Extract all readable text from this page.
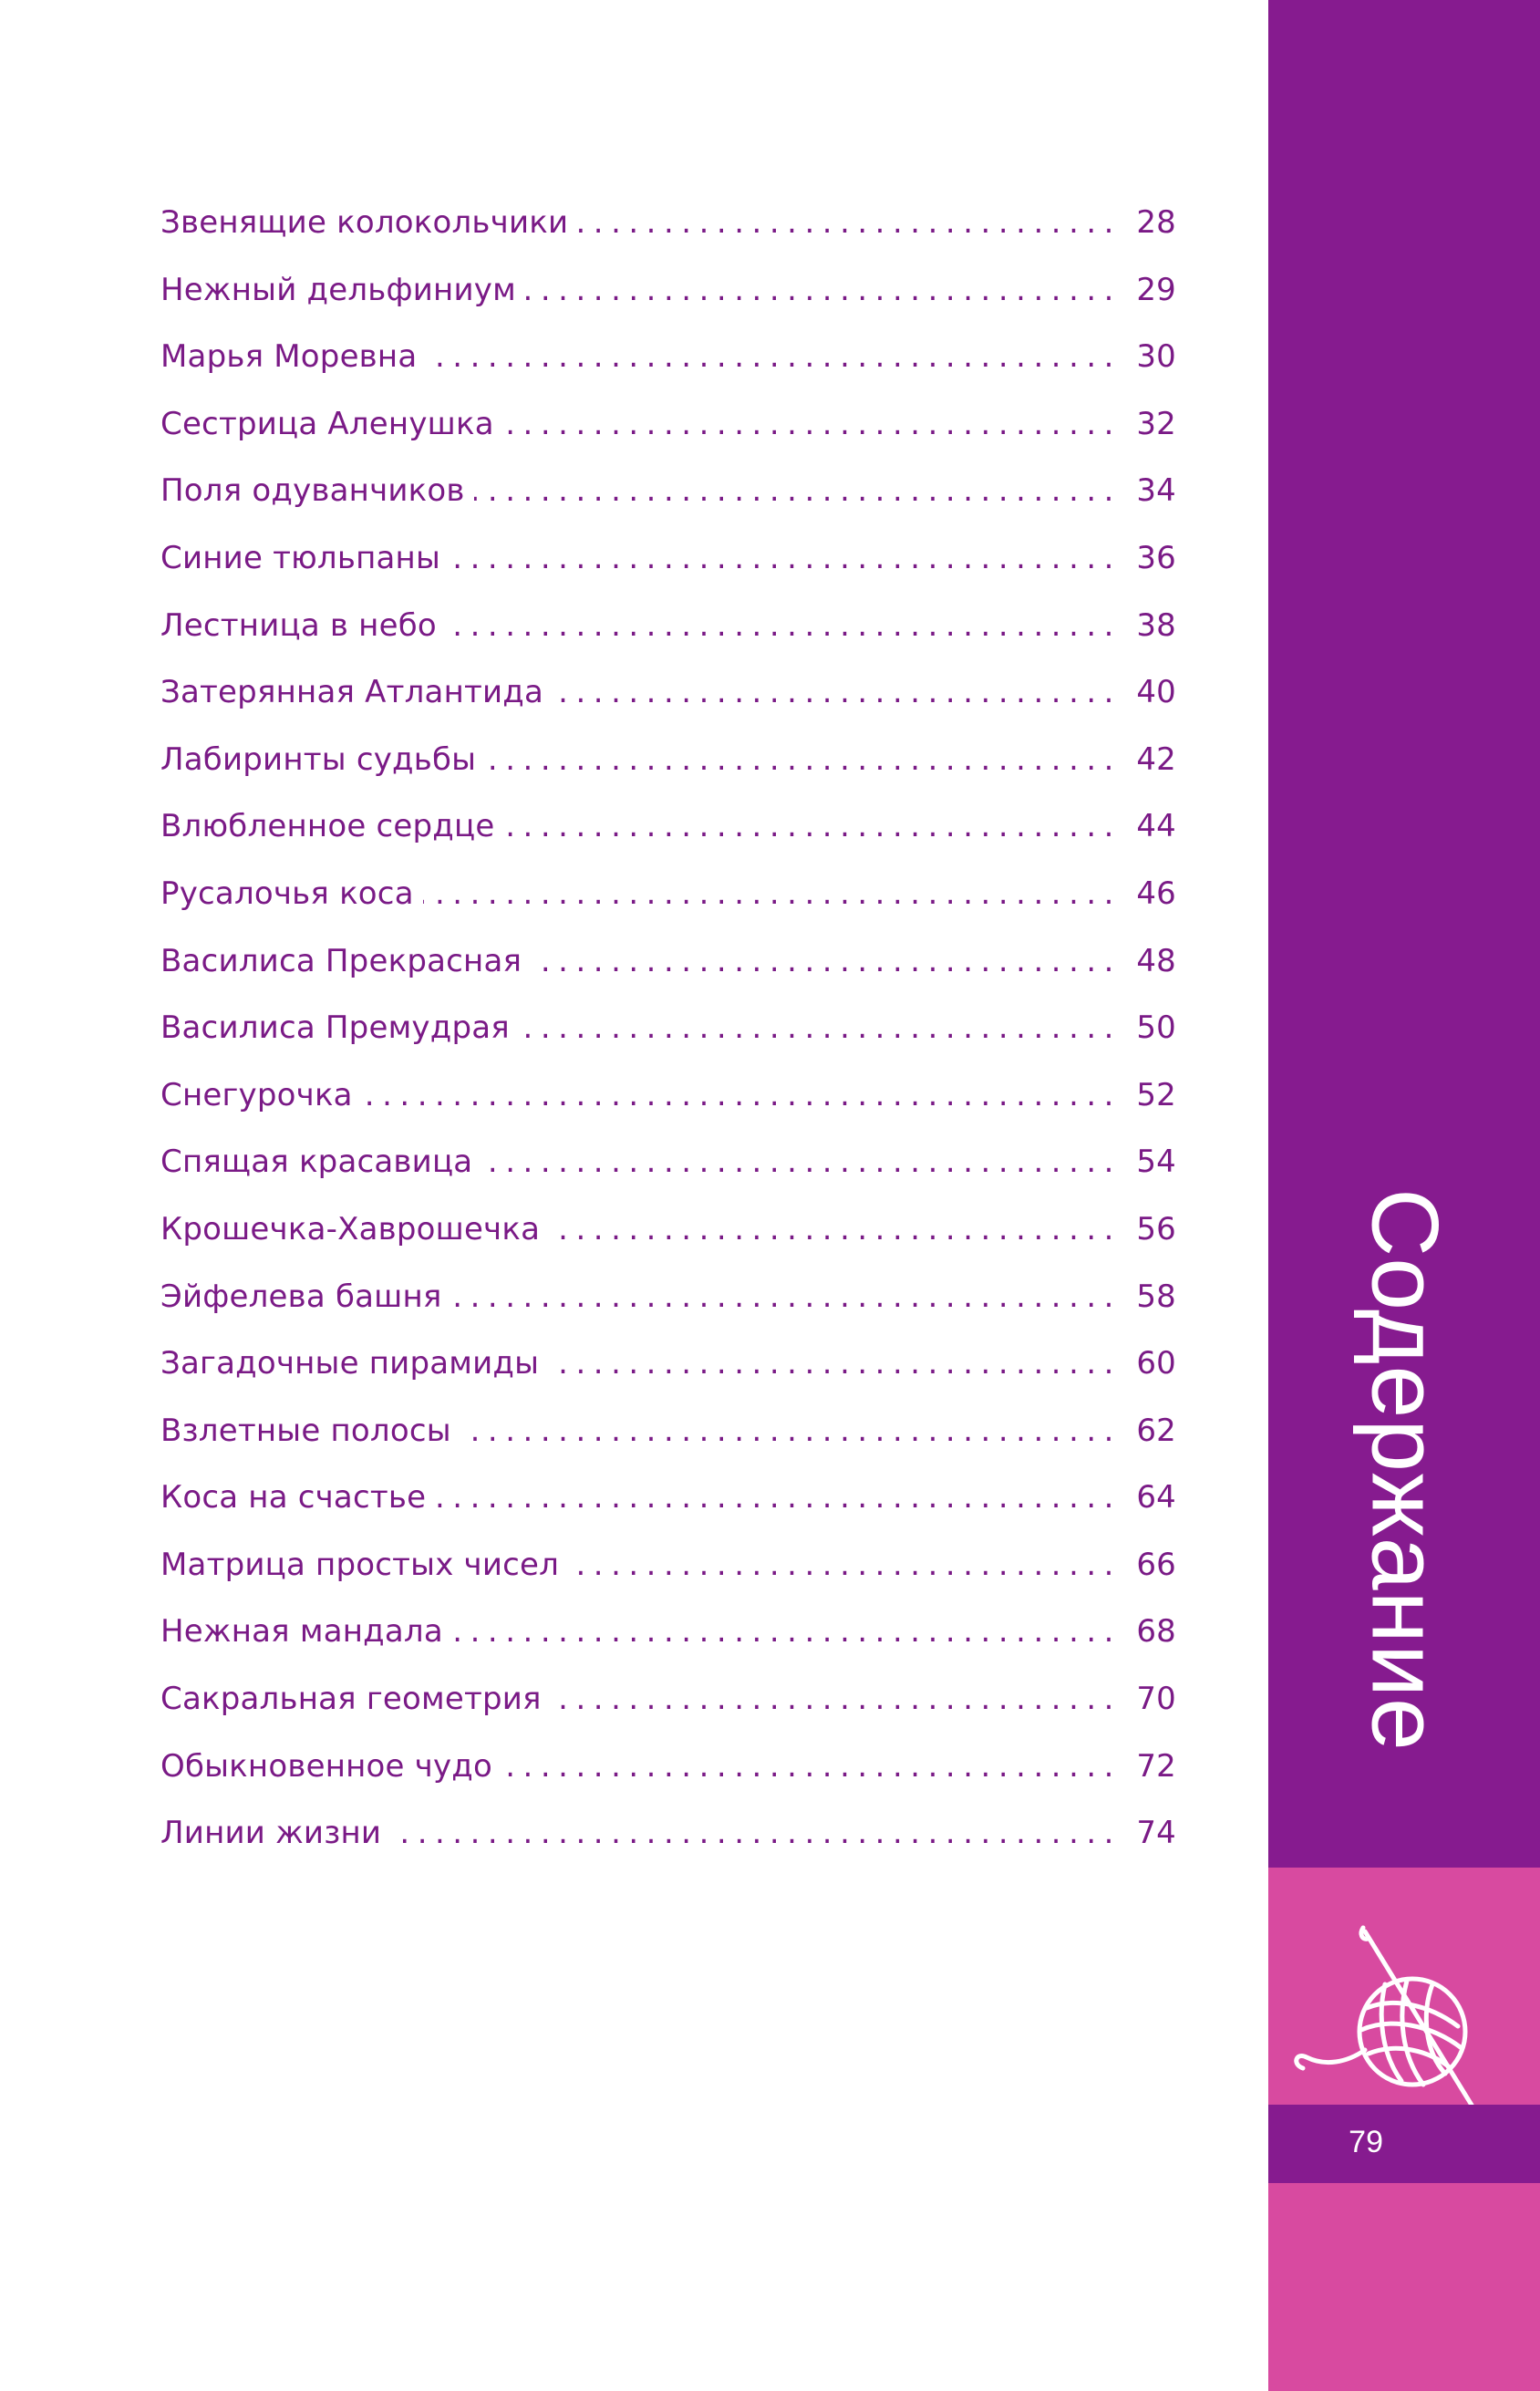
Звенящие колокольчики .....	28
Нежный дельфиниум .....	29
Марья Моревна .....	30
Сестрица Аленушка .....	32
Поля одуванчиков .....	34
Синие тюльпаны .....	36
Лестница в небо .....	38
Затерянная Атлантида .....	40
Лабиринты судьбы .....	42
Влюбленное сердце .....	44
Русалочья коса .....	46
Василиса Прекрасная .....	48
Василиса Премудрая .....	50
Снегурочка .....	52
Спящая красавица .....	54
Крошечка-Хаврошечка .....	56
Эйфелева башня .....	58
Загадочные пирамиды .....	60
Взлетные полосы .....	62
Коса на счастье .....	64
Матрица простых чисел .....	66
Нежная мандала .....	68
Сакральная геометрия .....	70
Обыкновенное чудо .....	72
Линии жизни .....	74
Содержание
79
